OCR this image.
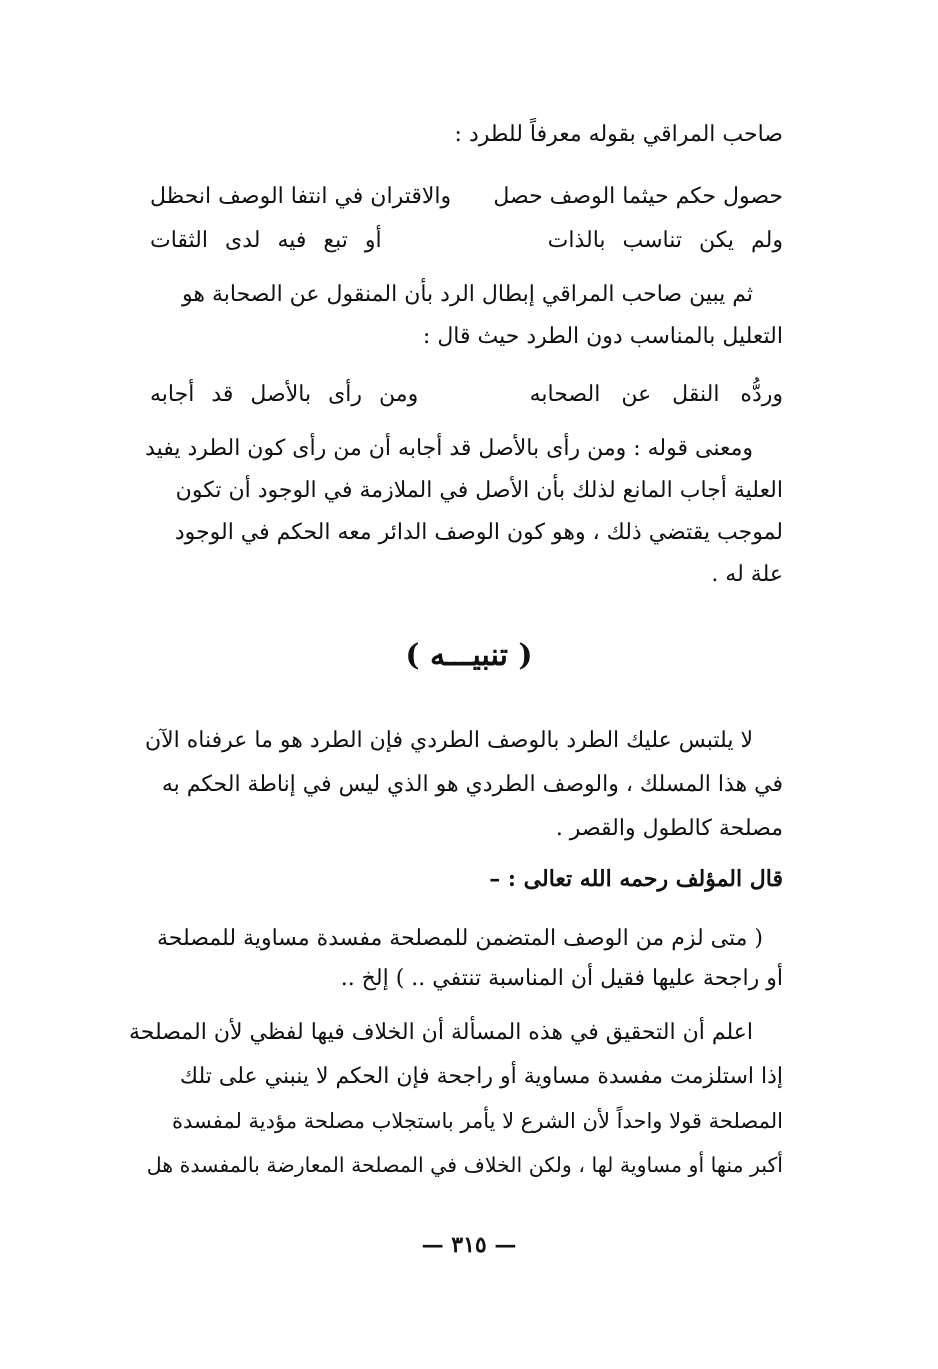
صاحب المراقي بقوله معرفاً للطرد :
حصول حكم حيثما الوصف حصل
والاقتران في انتفا الوصف انحظل
ولم يكن تناسب بالذات
أو تبع فيه لدى الثقات
ثم يبين صاحب المراقي إبطال الرد بأن المنقول عن الصحابة هو
التعليل بالمناسب دون الطرد حيث قال :
وردُّه النقل عن الصحابه
ومن رأى بالأصل قد أجابه
ومعنى قوله : ومن رأى بالأصل قد أجابه أن من رأى كون الطرد يفيد
العلية أجاب المانع لذلك بأن الأصل في الملازمة في الوجود أن تكون
لموجب يقتضي ذلك ، وهو كون الوصف الدائر معه الحكم في الوجود
علة له .
( تنبيـــه )
لا يلتبس عليك الطرد بالوصف الطردي فإن الطرد هو ما عرفناه الآن
في هذا المسلك ، والوصف الطردي هو الذي ليس في إناطة الحكم به
مصلحة كالطول والقصر .
قال المؤلف رحمه الله تعالى : –
( متى لزم من الوصف المتضمن للمصلحة مفسدة مساوية للمصلحة
أو راجحة عليها فقيل أن المناسبة تنتفي .. ) إلخ ..
اعلم أن التحقيق في هذه المسألة أن الخلاف فيها لفظي لأن المصلحة
إذا استلزمت مفسدة مساوية أو راجحة فإن الحكم لا ينبني على تلك
المصلحة قولا واحداً لأن الشرع لا يأمر باستجلاب مصلحة مؤدية لمفسدة
أكبر منها أو مساوية لها ، ولكن الخلاف في المصلحة المعارضة بالمفسدة هل
— ٣١٥ —
